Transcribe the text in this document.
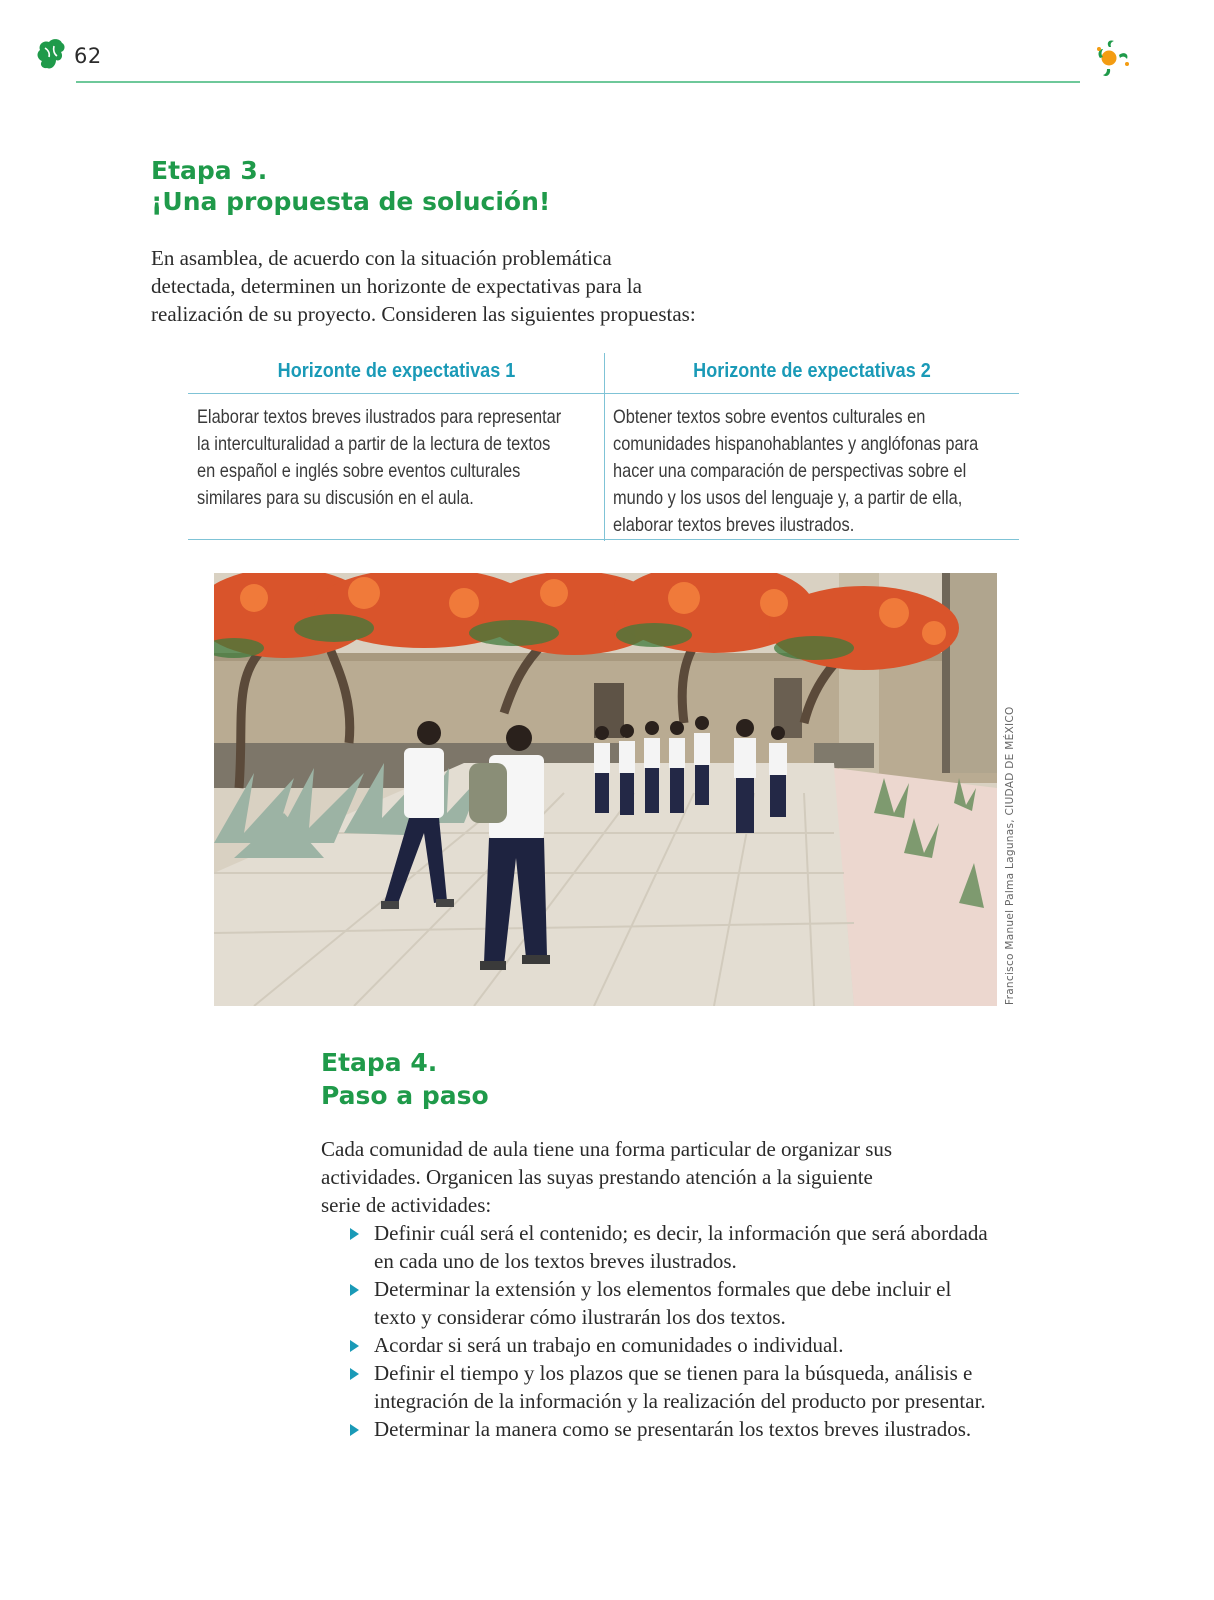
62
Etapa 3.
¡Una propuesta de solución!

En asamblea, de acuerdo con la situación problemática
detectada, determinen un horizonte de expectativas para la
realización de su proyecto. Consideren las siguientes propuestas:

Horizonte de expectativas 1
Elaborar textos breves ilustrados para representar
la interculturalidad a partir de la lectura de textos
en español e inglés sobre eventos culturales
similares para su discusión en el aula.
Horizonte de expectativas 2
Obtener textos sobre eventos culturales en
comunidades hispanohablantes y anglófonas para
hacer una comparación de perspectivas sobre el
mundo y los usos del lenguaje y, a partir de ella,
elaborar textos breves ilustrados.
Francisco Manuel Palma Lagunas, CIUDAD DE MÉXICO
Etapa 4.
Paso a paso

Cada comunidad de aula tiene una forma particular de organizar sus
actividades. Organicen las suyas prestando atención a la siguiente
serie de actividades:

Definir cuál será el contenido; es decir, la información que será abordada
en cada uno de los textos breves ilustrados.
Determinar la extensión y los elementos formales que debe incluir el
texto y considerar cómo ilustrarán los dos textos.
Acordar si será un trabajo en comunidades o individual.
Definir el tiempo y los plazos que se tienen para la búsqueda, análisis e
integración de la información y la realización del producto por presentar.
Determinar la manera como se presentarán los textos breves ilustrados.
